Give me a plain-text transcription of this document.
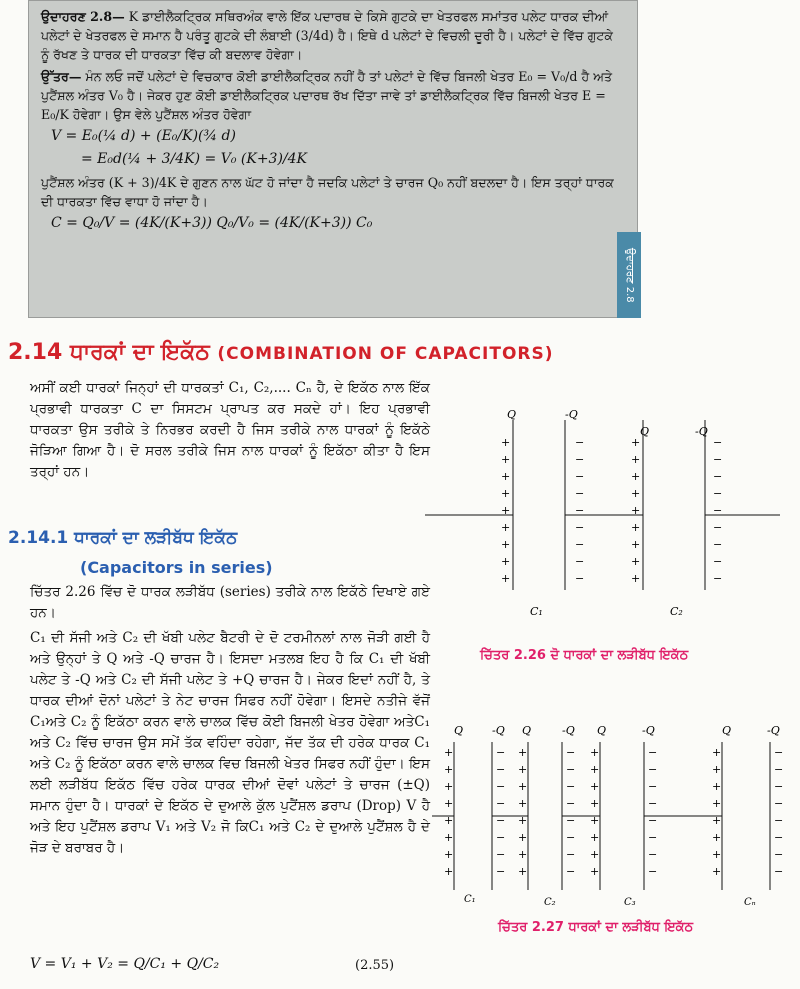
ਉਦਾਹਰਣ 2.8— K ਡਾਈਲੈਕਟ੍ਰਿਕ ਸਥਿਰਅੰਕ ਵਾਲੇ ਇੱਕ ਪਦਾਰਥ ਦੇ ਕਿਸੇ ਗੁਟਕੇ ਦਾ ਖੇਤਰਫਲ ਸਮਾਂਤਰ ਪਲੇਟ ਧਾਰਕ ਦੀਆਂ ਪਲੇਟਾਂ ਦੇ ਖੇਤਰਫਲ ਦੇ ਸਮਾਨ ਹੈ ਪਰੰਤੂ ਗੁਟਕੇ ਦੀ ਲੰਬਾਈ (3/4d) ਹੈ। ਇਥੇ d ਪਲੇਟਾਂ ਦੇ ਵਿਚਲੀ ਦੂਰੀ ਹੈ। ਪਲੇਟਾਂ ਦੇ ਵਿੱਚ ਗੁਟਕੇ ਨੂੰ ਰੱਖਣ ਤੇ ਧਾਰਕ ਦੀ ਧਾਰਕਤਾ ਵਿੱਚ ਕੀ ਬਦਲਾਵ ਹੋਵੇਗਾ।

ਉੱਤਰ— ਮੰਨ ਲਓ ਜਦੋਂ ਪਲੇਟਾਂ ਦੇ ਵਿਚਕਾਰ ਕੋਈ ਡਾਈਲੈਕਟ੍ਰਿਕ ਨਹੀਂ ਹੈ ਤਾਂ ਪਲੇਟਾਂ ਦੇ ਵਿੱਚ ਬਿਜਲੀ ਖੇਤਰ E₀ = V₀/d ਹੈ ਅਤੇ ਪੁਟੈਂਸ਼ਲ ਅੰਤਰ V₀ ਹੈ। ਜੇਕਰ ਹੁਣ ਕੋਈ ਡਾਈਲੈਕਟ੍ਰਿਕ ਪਦਾਰਥ ਰੱਖ ਦਿੱਤਾ ਜਾਵੇ ਤਾਂ ਡਾਈਲੈਕਟ੍ਰਿਕ ਵਿੱਚ ਬਿਜਲੀ ਖੇਤਰ E = E₀/K ਹੋਵੇਗਾ। ਉਸ ਵੇਲੇ ਪੁਟੈਂਸ਼ਲ ਅੰਤਰ ਹੋਵੇਗਾ

V = E₀(¼ d) + (E₀/K)(¾ d)
= E₀d(¼ + 3/4K) = V₀ (K+3)/4K

ਪੁਟੈਂਸ਼ਲ ਅੰਤਰ (K + 3)/4K ਦੇ ਗੁਣਨ ਨਾਲ ਘੱਟ ਹੋ ਜਾਂਦਾ ਹੈ ਜਦਕਿ ਪਲੇਟਾਂ ਤੇ ਚਾਰਜ Q₀ ਨਹੀਂ ਬਦਲਦਾ ਹੈ। ਇਸ ਤਰ੍ਹਾਂ ਧਾਰਕ ਦੀ ਧਾਰਕਤਾ ਵਿੱਚ ਵਾਧਾ ਹੋ ਜਾਂਦਾ ਹੈ।

C = Q₀/V = (4K/(K+3)) Q₀/V₀ = (4K/(K+3)) C₀
ਉਦਾਹਰਣ 2.8
2.14 ਧਾਰਕਾਂ ਦਾ ਇਕੱਠ (COMBINATION OF CAPACITORS)
ਅਸੀਂ ਕਈ ਧਾਰਕਾਂ ਜਿਨ੍ਹਾਂ ਦੀ ਧਾਰਕਤਾਂ C₁, C₂,.... Cₙ ਹੈ, ਦੇ ਇਕੱਠ ਨਾਲ ਇੱਕ ਪ੍ਰਭਾਵੀ ਧਾਰਕਤਾ C ਦਾ ਸਿਸਟਮ ਪ੍ਰਾਪਤ ਕਰ ਸਕਦੇ ਹਾਂ। ਇਹ ਪ੍ਰਭਾਵੀ ਧਾਰਕਤਾ ਉਸ ਤਰੀਕੇ ਤੇ ਨਿਰਭਰ ਕਰਦੀ ਹੈ ਜਿਸ ਤਰੀਕੇ ਨਾਲ ਧਾਰਕਾਂ ਨੂੰ ਇਕੱਠੇ ਜੋੜਿਆ ਗਿਆ ਹੈ। ਦੋ ਸਰਲ ਤਰੀਕੇ ਜਿਸ ਨਾਲ ਧਾਰਕਾਂ ਨੂੰ ਇਕੱਠਾ ਕੀਤਾ ਹੈ ਇਸ ਤਰ੍ਹਾਂ ਹਨ।
2.14.1 ਧਾਰਕਾਂ ਦਾ ਲੜੀਬੱਧ ਇਕੱਠ
(Capacitors in series)
ਚਿੱਤਰ 2.26 ਵਿੱਚ ਦੋ ਧਾਰਕ ਲੜੀਬੱਧ (series) ਤਰੀਕੇ ਨਾਲ ਇਕੱਠੇ ਦਿਖਾਏ ਗਏ ਹਨ।
C₁ ਦੀ ਸੱਜੀ ਅਤੇ C₂ ਦੀ ਖੱਬੀ ਪਲੇਟ ਬੈਟਰੀ ਦੇ ਦੋ ਟਰਮੀਨਲਾਂ ਨਾਲ ਜੋੜੀ ਗਈ ਹੈ ਅਤੇ ਉਨ੍ਹਾਂ ਤੇ Q ਅਤੇ -Q ਚਾਰਜ ਹੈ। ਇਸਦਾ ਮਤਲਬ ਇਹ ਹੈ ਕਿ C₁ ਦੀ ਖੱਬੀ ਪਲੇਟ ਤੇ -Q ਅਤੇ C₂ ਦੀ ਸੱਜੀ ਪਲੇਟ ਤੇ +Q ਚਾਰਜ ਹੈ। ਜੇਕਰ ਇਦਾਂ ਨਹੀਂ ਹੈ, ਤੇ ਧਾਰਕ ਦੀਆਂ ਦੋਨਾਂ ਪਲੇਟਾਂ ਤੇ ਨੇਟ ਚਾਰਜ ਸਿਫਰ ਨਹੀਂ ਹੋਵੇਗਾ। ਇਸਦੇ ਨਤੀਜੇ ਵੱਜੋਂ C₁ਅਤੇ C₂ ਨੂੰ ਇਕੱਠਾ ਕਰਨ ਵਾਲੇ ਚਾਲਕ ਵਿੱਚ ਕੋਈ ਬਿਜਲੀ ਖੇਤਰ ਹੋਵੇਗਾ ਅਤੇC₁ ਅਤੇ C₂ ਵਿੱਚ ਚਾਰਜ ਉਸ ਸਮੇਂ ਤੱਕ ਵਹਿੰਦਾ ਰਹੇਗਾ, ਜੱਦ ਤੱਕ ਦੀ ਹਰੇਕ ਧਾਰਕ C₁ ਅਤੇ C₂ ਨੂੰ ਇਕੱਠਾ ਕਰਨ ਵਾਲੇ ਚਾਲਕ ਵਿਚ ਬਿਜਲੀ ਖੇਤਰ ਸਿਫਰ ਨਹੀਂ ਹੁੰਦਾ। ਇਸ ਲਈ ਲੜੀਬੱਧ ਇਕੱਠ ਵਿੱਚ ਹਰੇਕ ਧਾਰਕ ਦੀਆਂ ਦੋਵਾਂ ਪਲੇਟਾਂ ਤੇ ਚਾਰਜ (±Q) ਸਮਾਨ ਹੁੰਦਾ ਹੈ। ਧਾਰਕਾਂ ਦੇ ਇਕੱਠ ਦੇ ਦੁਆਲੇ ਕੁੱਲ ਪੁਟੈਂਸ਼ਲ ਡਰਾਪ (Drop) V ਹੈ ਅਤੇ ਇਹ ਪੁਟੈਂਸ਼ਲ ਡਰਾਪ V₁ ਅਤੇ V₂ ਜੋ ਕਿC₁ ਅਤੇ C₂ ਦੇ ਦੁਆਲੇ ਪੁਟੈਂਸ਼ਲ ਹੈ ਦੇ ਜੋੜ ਦੇ ਬਰਾਬਰ ਹੈ।
V = V₁ + V₂ = Q/C₁ + Q/C₂	(2.55)
+
+
+
+
+
+
+
+
+
−
−
−
−
−
−
−
−
−
+
+
+
+
+
+
+
+
+
−
−
−
−
−
−
−
−
−
Q	-Q
Q	-Q
C₁	C₂
ਚਿੱਤਰ 2.26 ਦੋ ਧਾਰਕਾਂ ਦਾ ਲੜੀਬੱਧ ਇਕੱਠ
+
+
+
+
+
+
+
+
−
−
−
−
−
−
−
−
+
+
+
+
+
+
+
+
−
−
−
−
−
−
−
−
+
+
+
+
+
+
+
+
−
−
−
−
−
−
−
−
+
+
+
+
+
+
+
+
−
−
−
−
−
−
−
−
Q	-Q Q	-Q Q	-Q	Q	-Q
C₁	C₂	C₃	Cₙ
ਚਿੱਤਰ 2.27 ਧਾਰਕਾਂ ਦਾ ਲੜੀਬੱਧ ਇਕੱਠ
